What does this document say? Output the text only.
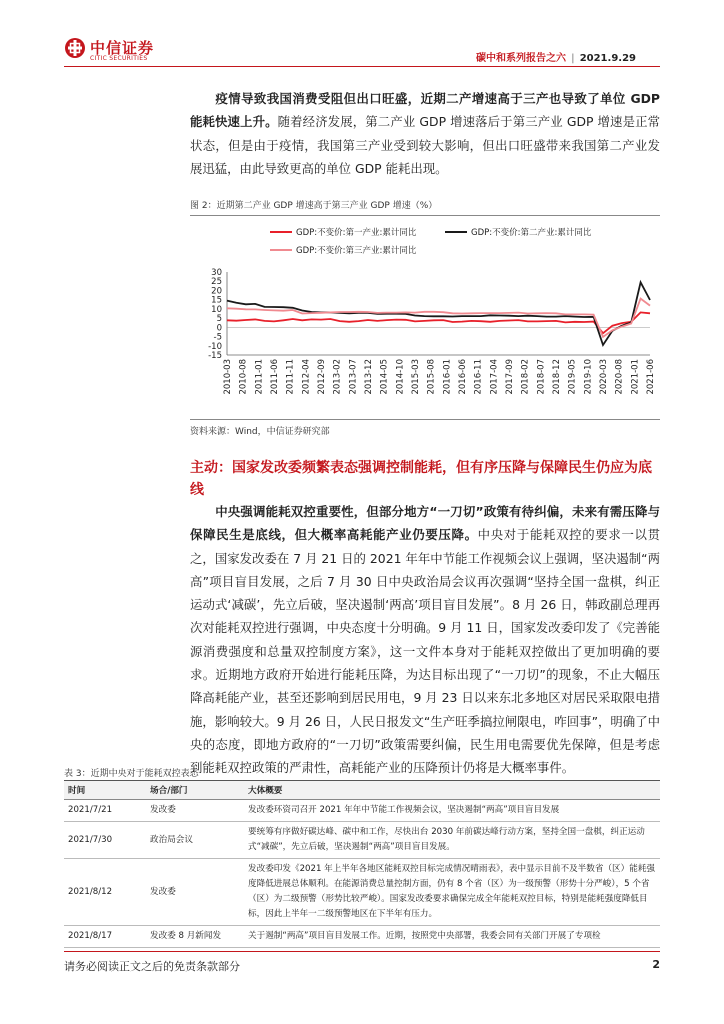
中信证券
CITIC SECURITIES	碳中和系列报告之六 | 2021.9.29
疫情导致我国消费受阻但出口旺盛，近期二产增速高于三产也导致了单位 GDP 能耗快速上升。随着经济发展，第二产业 GDP 增速落后于第三产业 GDP 增速是正常状态，但是由于疫情，我国第三产业受到较大影响，但出口旺盛带来我国第二产业发展迅猛，由此导致更高的单位 GDP 能耗出现。
图 2：近期第二产业 GDP 增速高于第三产业 GDP 增速（%）
GDP:不变价:第一产业:累计同比	GDP:不变价:第二产业:累计同比
GDP:不变价:第三产业:累计同比
2010-03 2010-08 2011-01 2011-06 2011-11 2012-04 2012-09 2013-02 2013-07 2013-12 2014-05 2014-10 2015-03 2015-08 2016-01 2016-06 2016-11 2017-04 2017-09 2018-02 2018-07 2018-12 2019-05 2019-10 2020-03 2020-08 2021-01 2021-06
30
25
20
15
10
5
0
-5
-10
-15
资料来源：Wind，中信证券研究部
主动：国家发改委频繁表态强调控制能耗，但有序压降与保障民生仍应为底线
中央强调能耗双控重要性，但部分地方“一刀切”政策有待纠偏，未来有需压降与保障民生是底线，但大概率高耗能产业仍要压降。中央对于能耗双控的要求一以贯之，国家发改委在 7 月 21 日的 2021 年年中节能工作视频会议上强调，坚决遏制“两高”项目盲目发展，之后 7 月 30 日中央政治局会议再次强调“坚持全国一盘棋，纠正运动式‘减碳’，先立后破，坚决遏制‘两高’项目盲目发展”。8 月 26 日，韩政副总理再次对能耗双控进行强调，中央态度十分明确。9 月 11 日，国家发改委印发了《完善能源消费强度和总量双控制度方案》，这一文件本身对于能耗双控做出了更加明确的要求。近期地方政府开始进行能耗压降，为达目标出现了“一刀切”的现象，不止大幅压降高耗能产业，甚至还影响到居民用电，9 月 23 日以来东北多地区对居民采取限电措施，影响较大。9 月 26 日，人民日报发文“生产旺季搞拉闸限电，咋回事”，明确了中央的态度，即地方政府的“一刀切”政策需要纠偏，民生用电需要优先保障，但是考虑到能耗双控政策的严肃性，高耗能产业的压降预计仍将是大概率事件。
表 3：近期中央对于能耗双控表态
时间	场合/部门	大体概要
2021/7/21	发改委	发改委环资司召开 2021 年年中节能工作视频会议，坚决遏制“两高”项目盲目发展
2021/7/30	政治局会议	要统筹有序做好碳达峰、碳中和工作，尽快出台 2030 年前碳达峰行动方案，坚持全国一盘棋，纠正运动式“减碳”，先立后破，坚决遏制“两高”项目盲目发展。
2021/8/12	发改委	发改委印发《2021 年上半年各地区能耗双控目标完成情况晴雨表》，表中显示目前不及半数省（区）能耗强度降低进展总体顺利。在能源消费总量控制方面，仍有 8 个省（区）为一级预警（形势十分严峻），5 个省（区）为二级预警（形势比较严峻）。国家发改委要求确保完成全年能耗双控目标，特别是能耗强度降低目标，因此上半年一二级预警地区在下半年有压力。
2021/8/17	发改委 8 月新闻发	关于遏制“两高”项目盲目发展工作。近期，按照党中央部署，我委会同有关部门开展了专项检
请务必阅读正文之后的免责条款部分	2
